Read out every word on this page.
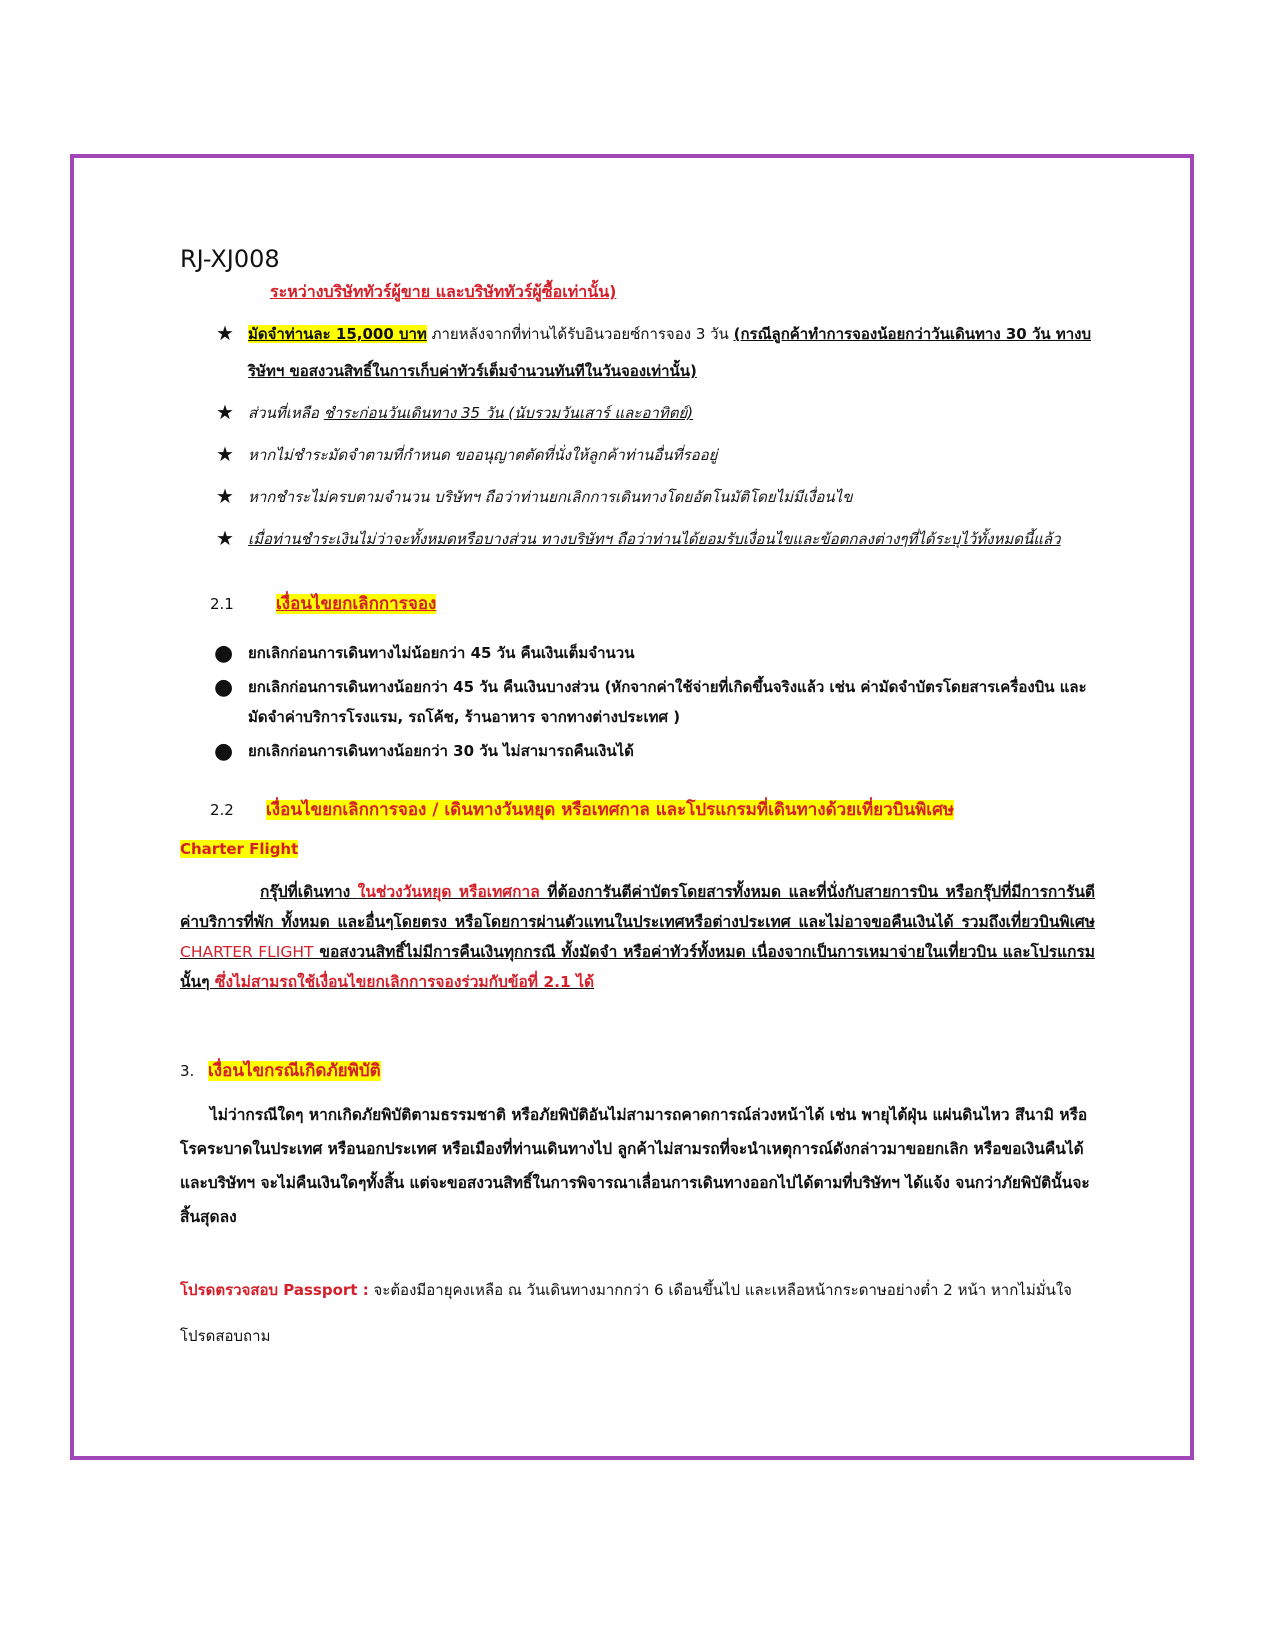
RJ-XJ008
ระหว่างบริษัททัวร์ผู้ขาย และบริษัททัวร์ผู้ซื้อเท่านั้น)
★ มัดจำท่านละ 15,000 บาท ภายหลังจากที่ท่านได้รับอินวอยซ์การจอง 3 วัน (กรณีลูกค้าทำการจองน้อยกว่าวันเดินทาง 30 วัน ทางบริษัทฯ ขอสงวนสิทธิ์ในการเก็บค่าทัวร์เต็มจำนวนทันทีในวันจองเท่านั้น)
★ ส่วนที่เหลือ ชำระก่อนวันเดินทาง 35 วัน (นับรวมวันเสาร์ และอาทิตย์)
★ หากไม่ชำระมัดจำตามที่กำหนด ขออนุญาตตัดที่นั่งให้ลูกค้าท่านอื่นที่รออยู่
★ หากชำระไม่ครบตามจำนวน บริษัทฯ ถือว่าท่านยกเลิกการเดินทางโดยอัตโนมัติโดยไม่มีเงื่อนไข
★ เมื่อท่านชำระเงินไม่ว่าจะทั้งหมดหรือบางส่วน ทางบริษัทฯ ถือว่าท่านได้ยอมรับเงื่อนไขและข้อตกลงต่างๆที่ได้ระบุไว้ทั้งหมดนี้แล้ว
2.1 เงื่อนไขยกเลิกการจอง
● ยกเลิกก่อนการเดินทางไม่น้อยกว่า 45 วัน คืนเงินเต็มจำนวน
● ยกเลิกก่อนการเดินทางน้อยกว่า 45 วัน คืนเงินบางส่วน (หักจากค่าใช้จ่ายที่เกิดขึ้นจริงแล้ว เช่น ค่ามัดจำบัตรโดยสารเครื่องบิน และมัดจำค่าบริการโรงแรม, รถโค้ช, ร้านอาหาร จากทางต่างประเทศ )
● ยกเลิกก่อนการเดินทางน้อยกว่า 30 วัน ไม่สามารถคืนเงินได้
2.2 เงื่อนไขยกเลิกการจอง / เดินทางวันหยุด หรือเทศกาล และโปรแกรมที่เดินทางด้วยเที่ยวบินพิเศษ
Charter Flight
กรุ๊ปที่เดินทาง ในช่วงวันหยุด หรือเทศกาล ที่ต้องการันตีค่าบัตรโดยสารทั้งหมด และที่นั่งกับสายการบิน หรือกรุ๊ปที่มีการการันตีค่าบริการที่พัก ทั้งหมด และอื่นๆโดยตรง หรือโดยการผ่านตัวแทนในประเทศหรือต่างประเทศ และไม่อาจขอคืนเงินได้ รวมถึงเที่ยวบินพิเศษ CHARTER FLIGHT ขอสงวนสิทธิ์ไม่มีการคืนเงินทุกกรณี ทั้งมัดจำ หรือค่าทัวร์ทั้งหมด เนื่องจากเป็นการเหมาจ่ายในเที่ยวบิน และโปรแกรมนั้นๆ ซึ่งไม่สามรถใช้เงื่อนไขยกเลิกการจองร่วมกับข้อที่ 2.1 ได้
3. เงื่อนไขกรณีเกิดภัยพิบัติ
ไม่ว่ากรณีใดๆ หากเกิดภัยพิบัติตามธรรมชาติ หรือภัยพิบัติอันไม่สามารถคาดการณ์ล่วงหน้าได้ เช่น พายุไต้ฝุ่น แผ่นดินไหว สึนามิ หรือโรคระบาดในประเทศ หรือนอกประเทศ หรือเมืองที่ท่านเดินทางไป ลูกค้าไม่สามรถที่จะนำเหตุการณ์ดังกล่าวมาขอยกเลิก หรือขอเงินคืนได้ และบริษัทฯ จะไม่คืนเงินใดๆทั้งสิ้น แต่จะขอสงวนสิทธิ์ในการพิจารณาเลื่อนการเดินทางออกไปได้ตามที่บริษัทฯ ได้แจ้ง จนกว่าภัยพิบัตินั้นจะสิ้นสุดลง
โปรดตรวจสอบ Passport : จะต้องมีอายุคงเหลือ ณ วันเดินทางมากกว่า 6 เดือนขึ้นไป และเหลือหน้ากระดาษอย่างต่ำ 2 หน้า หากไม่มั่นใจโปรดสอบถาม
